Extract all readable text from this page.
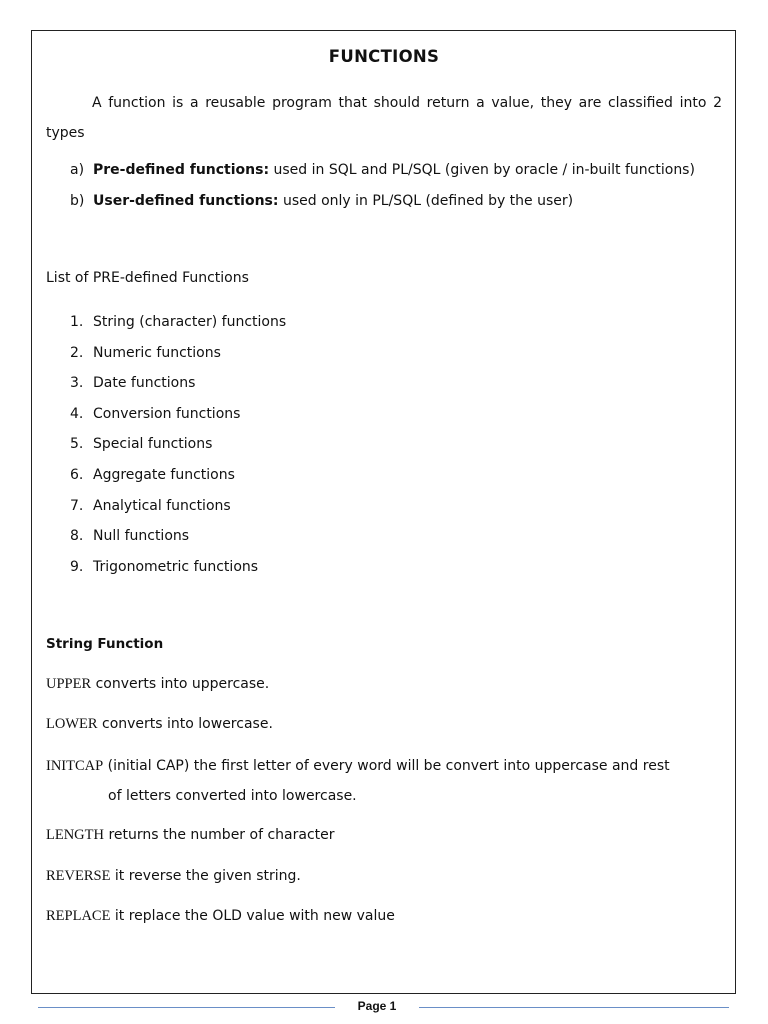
FUNCTIONS
A function is a reusable program that should return a value, they are classified into 2 types
a) Pre-defined functions: used in SQL and PL/SQL (given by oracle / in-built functions)
b) User-defined functions: used only in PL/SQL (defined by the user)
List of PRE-defined Functions
1. String (character) functions
2. Numeric functions
3. Date functions
4. Conversion functions
5. Special functions
6. Aggregate functions
7. Analytical functions
8. Null functions
9. Trigonometric functions
String Function
UPPER converts into uppercase.
LOWER converts into lowercase.
INITCAP (initial CAP) the first letter of every word will be convert into uppercase and rest
of letters converted into lowercase.
LENGTH returns the number of character
REVERSE it reverse the given string.
REPLACE it replace the OLD value with new value
Page 1
